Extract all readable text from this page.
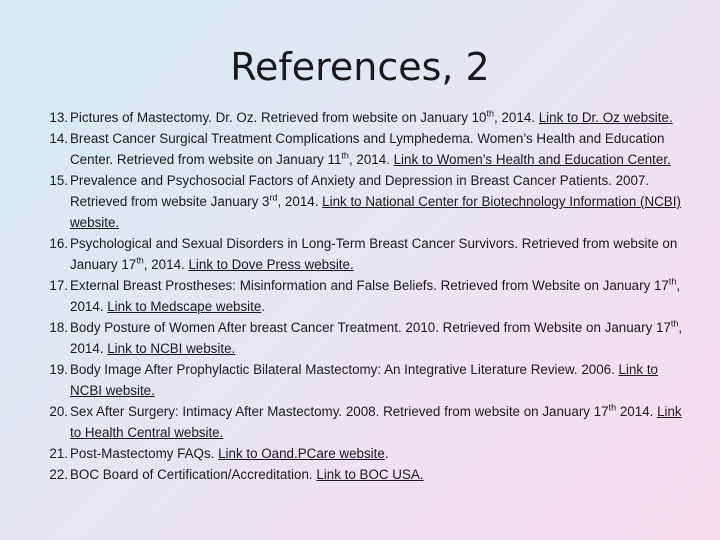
References, 2
13. Pictures of Mastectomy. Dr. Oz. Retrieved from website on January 10th, 2014. Link to Dr. Oz website.
14. Breast Cancer Surgical Treatment Complications and Lymphedema. Women’s Health and Education Center. Retrieved from website on January 11th, 2014. Link to Women’s Health and Education Center.
15. Prevalence and Psychosocial Factors of Anxiety and Depression in Breast Cancer Patients. 2007. Retrieved from website January 3rd, 2014. Link to National Center for Biotechnology Information (NCBI) website.
16. Psychological and Sexual Disorders in Long-Term Breast Cancer Survivors. Retrieved from website on January 17th, 2014. Link to Dove Press website.
17. External Breast Prostheses: Misinformation and False Beliefs. Retrieved from Website on January 17th, 2014. Link to Medscape website.
18. Body Posture of Women After breast Cancer Treatment. 2010. Retrieved from Website on January 17th, 2014. Link to NCBI website.
19. Body Image After Prophylactic Bilateral Mastectomy: An Integrative Literature Review. 2006. Link to NCBI website.
20. Sex After Surgery: Intimacy After Mastectomy. 2008. Retrieved from website on January 17th 2014. Link to Health Central website.
21. Post-Mastectomy FAQs. Link to Oand.PCare website.
22. BOC Board of Certification/Accreditation. Link to BOC USA.
